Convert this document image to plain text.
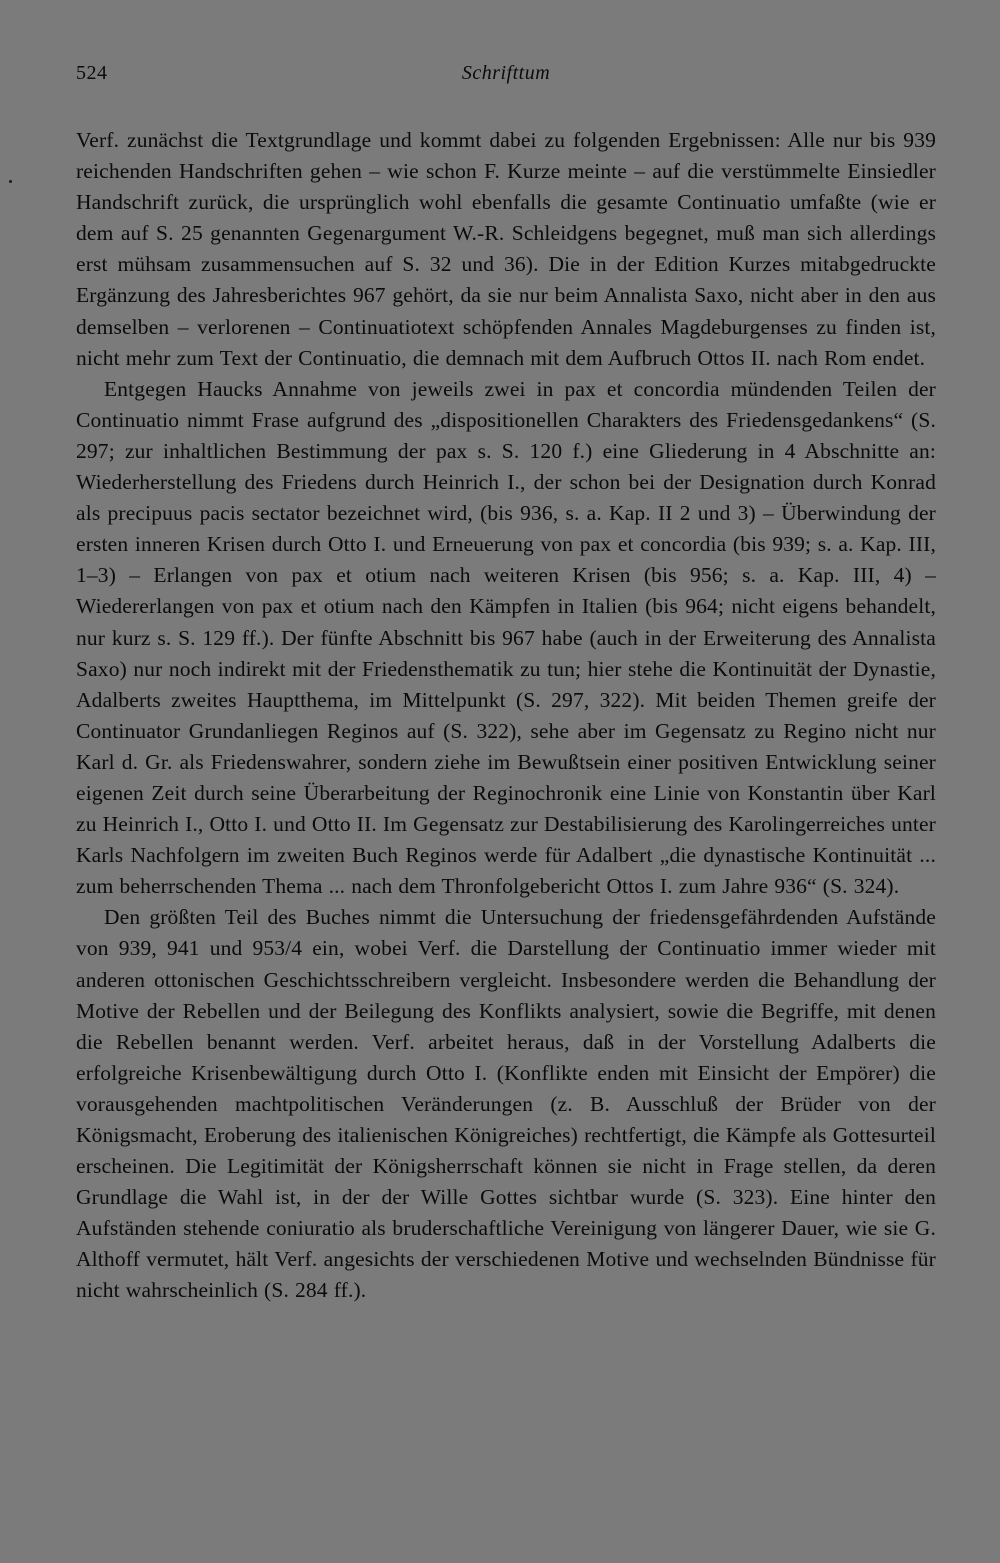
524	Schrifttum

Verf. zunächst die Textgrundlage und kommt dabei zu folgenden Ergebnissen: Alle nur bis 939 reichenden Handschriften gehen – wie schon F. Kurze meinte – auf die verstümmelte Einsiedler Handschrift zurück, die ursprünglich wohl ebenfalls die gesamte Continuatio umfaßte (wie er dem auf S. 25 genannten Gegenargument W.-R. Schleidgens begegnet, muß man sich allerdings erst mühsam zusammensuchen auf S. 32 und 36). Die in der Edition Kurzes mitabgedruckte Ergänzung des Jahresberichtes 967 gehört, da sie nur beim Annalista Saxo, nicht aber in den aus demselben – verlorenen – Continuatiotext schöpfenden Annales Magdeburgenses zu finden ist, nicht mehr zum Text der Continuatio, die demnach mit dem Aufbruch Ottos II. nach Rom endet.

Entgegen Haucks Annahme von jeweils zwei in pax et concordia mündenden Teilen der Continuatio nimmt Frase aufgrund des „dispositionellen Charakters des Friedensgedankens“ (S. 297; zur inhaltlichen Bestimmung der pax s. S. 120 f.) eine Gliederung in 4 Abschnitte an: Wiederherstellung des Friedens durch Heinrich I., der schon bei der Designation durch Konrad als precipuus pacis sectator bezeichnet wird, (bis 936, s. a. Kap. II 2 und 3) – Überwindung der ersten inneren Krisen durch Otto I. und Erneuerung von pax et concordia (bis 939; s. a. Kap. III, 1–3) – Erlangen von pax et otium nach weiteren Krisen (bis 956; s. a. Kap. III, 4) – Wiedererlangen von pax et otium nach den Kämpfen in Italien (bis 964; nicht eigens behandelt, nur kurz s. S. 129 ff.). Der fünfte Abschnitt bis 967 habe (auch in der Erweiterung des Annalista Saxo) nur noch indirekt mit der Friedensthematik zu tun; hier stehe die Kontinuität der Dynastie, Adalberts zweites Hauptthema, im Mittelpunkt (S. 297, 322). Mit beiden Themen greife der Continuator Grundanliegen Reginos auf (S. 322), sehe aber im Gegensatz zu Regino nicht nur Karl d. Gr. als Friedenswahrer, sondern ziehe im Bewußtsein einer positiven Entwicklung seiner eigenen Zeit durch seine Überarbeitung der Reginochronik eine Linie von Konstantin über Karl zu Heinrich I., Otto I. und Otto II. Im Gegensatz zur Destabilisierung des Karolingerreiches unter Karls Nachfolgern im zweiten Buch Reginos werde für Adalbert „die dynastische Kontinuität ... zum beherrschenden Thema ... nach dem Thronfolgebericht Ottos I. zum Jahre 936“ (S. 324).

Den größten Teil des Buches nimmt die Untersuchung der friedensgefährdenden Aufstände von 939, 941 und 953/4 ein, wobei Verf. die Darstellung der Continuatio immer wieder mit anderen ottonischen Geschichtsschreibern vergleicht. Insbesondere werden die Behandlung der Motive der Rebellen und der Beilegung des Konflikts analysiert, sowie die Begriffe, mit denen die Rebellen benannt werden. Verf. arbeitet heraus, daß in der Vorstellung Adalberts die erfolgreiche Krisenbewältigung durch Otto I. (Konflikte enden mit Einsicht der Empörer) die vorausgehenden machtpolitischen Veränderungen (z. B. Ausschluß der Brüder von der Königsmacht, Eroberung des italienischen Königreiches) rechtfertigt, die Kämpfe als Gottesurteil erscheinen. Die Legitimität der Königsherrschaft können sie nicht in Frage stellen, da deren Grundlage die Wahl ist, in der der Wille Gottes sichtbar wurde (S. 323). Eine hinter den Aufständen stehende coniuratio als bruderschaftliche Vereinigung von längerer Dauer, wie sie G. Althoff vermutet, hält Verf. angesichts der verschiedenen Motive und wechselnden Bündnisse für nicht wahrscheinlich (S. 284 ff.).
